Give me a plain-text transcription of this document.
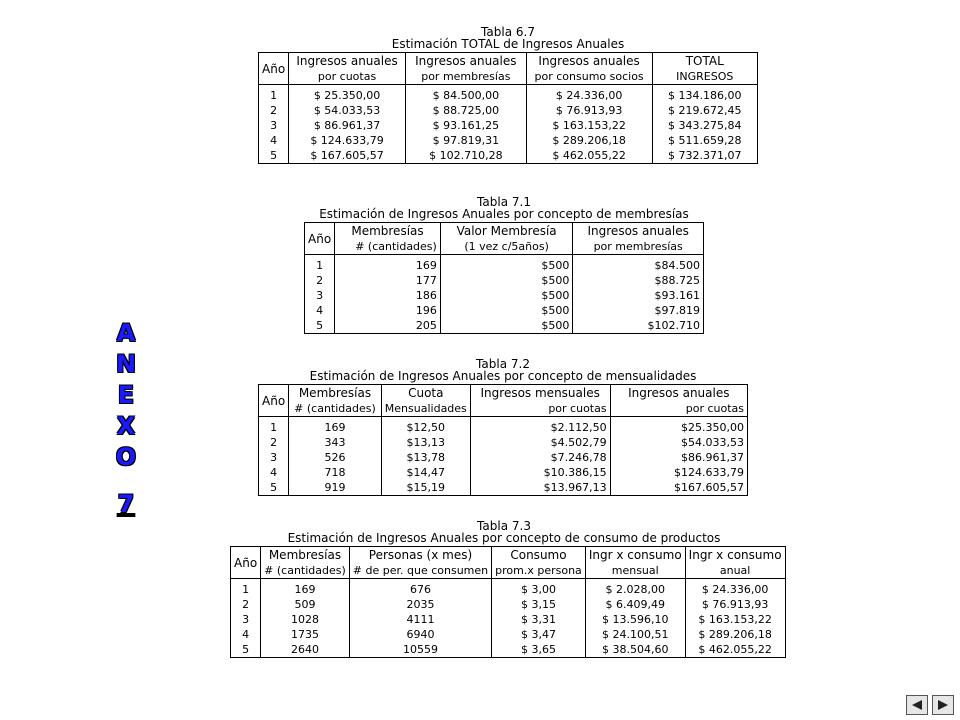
A
N
E
X
O
7
Tabla 6.7
Estimación TOTAL de Ingresos Anuales
Año	Ingresos anuales	Ingresos anuales	Ingresos anuales	TOTAL
	por cuotas	por membresías	por consumo socios	INGRESOS
1	$ 25.350,00	$ 84.500,00	$ 24.336,00	$ 134.186,00
2	$ 54.033,53	$ 88.725,00	$ 76.913,93	$ 219.672,45
3	$ 86.961,37	$ 93.161,25	$ 163.153,22	$ 343.275,84
4	$ 124.633,79	$ 97.819,31	$ 289.206,18	$ 511.659,28
5	$ 167.605,57	$ 102.710,28	$ 462.055,22	$ 732.371,07
Tabla 7.1
Estimación de Ingresos Anuales por concepto de membresías
Año	Membresías	Valor Membresía	Ingresos anuales
	# (cantidades)	(1 vez c/5años)	por membresías
1	169	$500	$84.500
2	177	$500	$88.725
3	186	$500	$93.161
4	196	$500	$97.819
5	205	$500	$102.710
Tabla 7.2
Estimación de Ingresos Anuales por concepto de mensualidades
Año	Membresías	Cuota	Ingresos mensuales	Ingresos anuales
	# (cantidades)	Mensualidades	por cuotas	por cuotas
1	169	$12,50	$2.112,50	$25.350,00
2	343	$13,13	$4.502,79	$54.033,53
3	526	$13,78	$7.246,78	$86.961,37
4	718	$14,47	$10.386,15	$124.633,79
5	919	$15,19	$13.967,13	$167.605,57
Tabla 7.3
Estimación de Ingresos Anuales por concepto de consumo de productos
Año	Membresías	Personas (x mes)	Consumo	Ingr x consumo	Ingr x consumo
	# (cantidades)	# de per. que consumen	prom.x persona	mensual	anual
1	169	676	$ 3,00	$ 2.028,00	$ 24.336,00
2	509	2035	$ 3,15	$ 6.409,49	$ 76.913,93
3	1028	4111	$ 3,31	$ 13.596,10	$ 163.153,22
4	1735	6940	$ 3,47	$ 24.100,51	$ 289.206,18
5	2640	10559	$ 3,65	$ 38.504,60	$ 462.055,22
